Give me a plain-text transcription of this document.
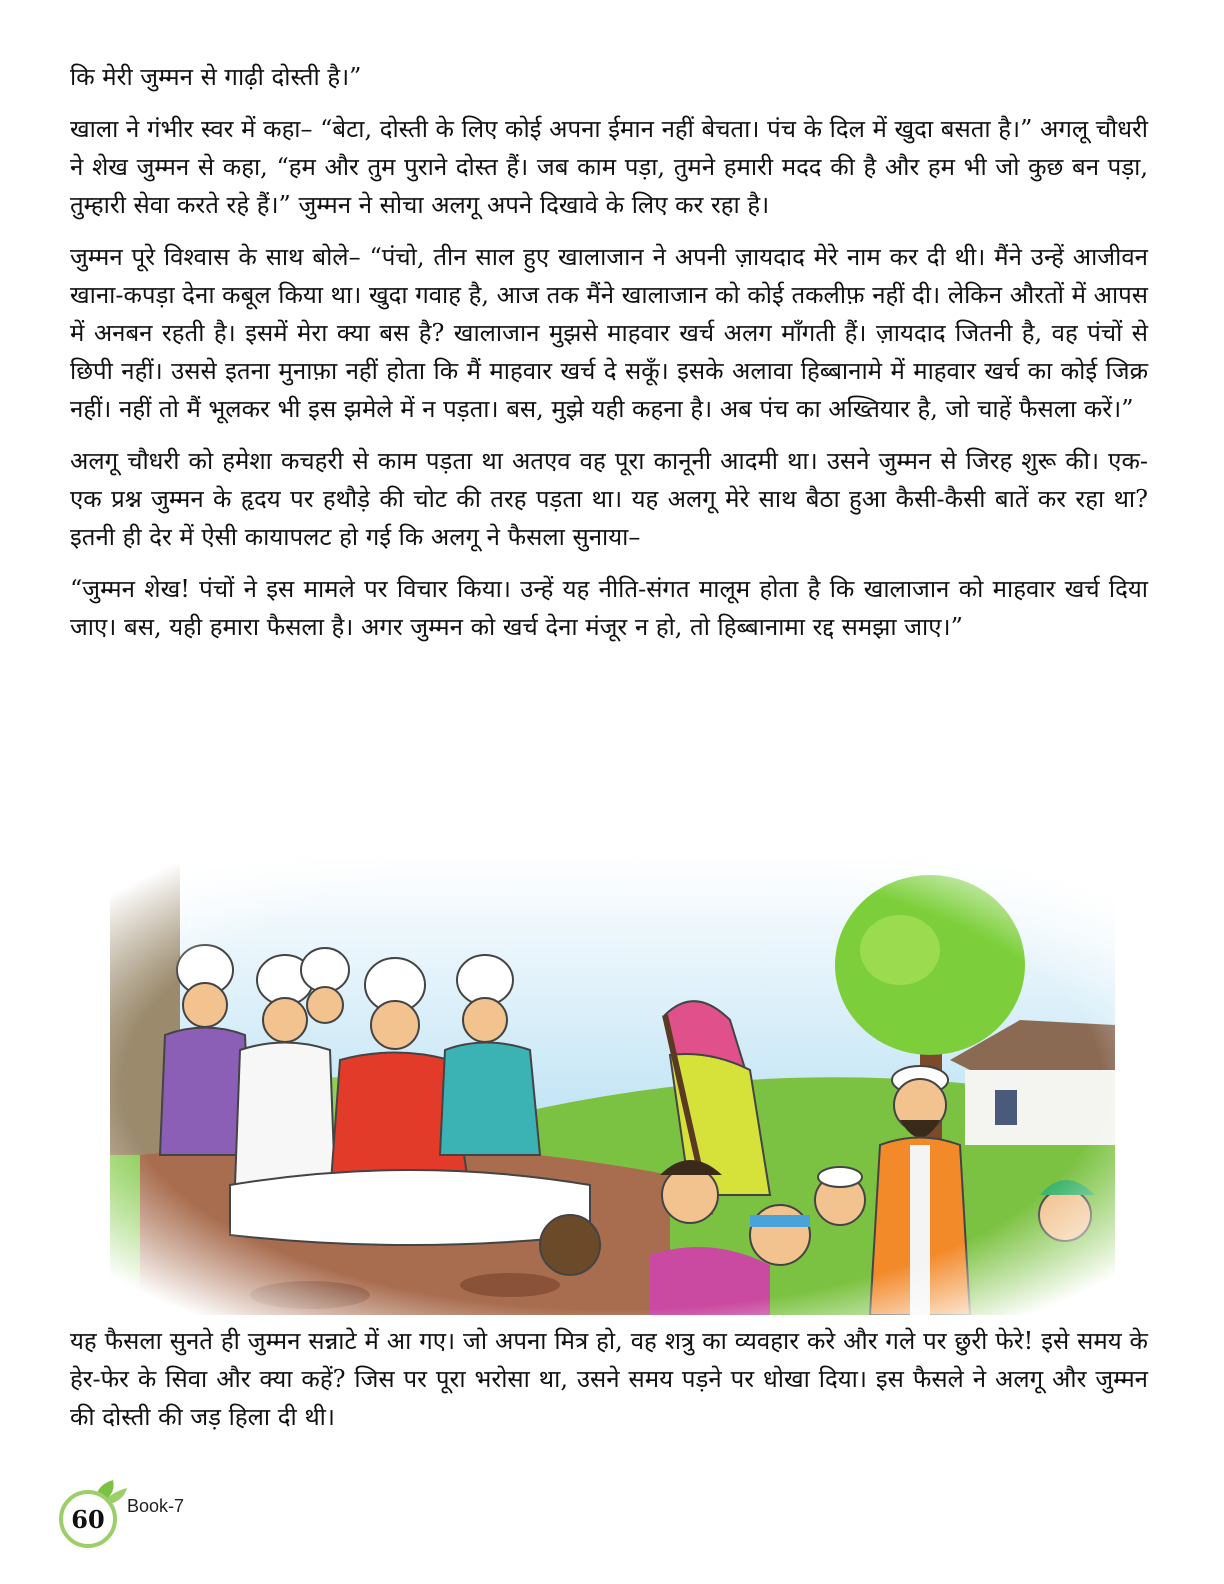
कि मेरी जुम्मन से गाढ़ी दोस्ती है।”

खाला ने गंभीर स्वर में कहा– “बेटा, दोस्ती के लिए कोई अपना ईमान नहीं बेचता। पंच के दिल में खुदा बसता है।” अगलू चौधरी ने शेख जुम्मन से कहा, “हम और तुम पुराने दोस्त हैं। जब काम पड़ा, तुमने हमारी मदद की है और हम भी जो कुछ बन पड़ा, तुम्हारी सेवा करते रहे हैं।” जुम्मन ने सोचा अलगू अपने दिखावे के लिए कर रहा है।

जुम्मन पूरे विश्वास के साथ बोले– “पंचो, तीन साल हुए खालाजान ने अपनी ज़ायदाद मेरे नाम कर दी थी। मैंने उन्हें आजीवन खाना-कपड़ा देना कबूल किया था। खुदा गवाह है, आज तक मैंने खालाजान को कोई तकलीफ़ नहीं दी। लेकिन औरतों में आपस में अनबन रहती है। इसमें मेरा क्या बस है? खालाजान मुझसे माहवार खर्च अलग माँगती हैं। ज़ायदाद जितनी है, वह पंचों से छिपी नहीं। उससे इतना मुनाफ़ा नहीं होता कि मैं माहवार खर्च दे सकूँ। इसके अलावा हिब्बानामे में माहवार खर्च का कोई जिक्र नहीं। नहीं तो मैं भूलकर भी इस झमेले में न पड़ता। बस, मुझे यही कहना है। अब पंच का अख्तियार है, जो चाहें फैसला करें।”

अलगू चौधरी को हमेशा कचहरी से काम पड़ता था अतएव वह पूरा कानूनी आदमी था। उसने जुम्मन से जिरह शुरू की। एक-एक प्रश्न जुम्मन के हृदय पर हथौड़े की चोट की तरह पड़ता था। यह अलगू मेरे साथ बैठा हुआ कैसी-कैसी बातें कर रहा था? इतनी ही देर में ऐसी कायापलट हो गई कि अलगू ने फैसला सुनाया–

“जुम्मन शेख! पंचों ने इस मामले पर विचार किया। उन्हें यह नीति-संगत मालूम होता है कि खालाजान को माहवार खर्च दिया जाए। बस, यही हमारा फैसला है। अगर जुम्मन को खर्च देना मंजूर न हो, तो हिब्बानामा रद्द समझा जाए।”

यह फैसला सुनते ही जुम्मन सन्नाटे में आ गए। जो अपना मित्र हो, वह शत्रु का व्यवहार करे और गले पर छुरी फेरे! इसे समय के हेर-फेर के सिवा और क्या कहें? जिस पर पूरा भरोसा था, उसने समय पड़ने पर धोखा दिया। इस फैसले ने अलगू और जुम्मन की दोस्ती की जड़ हिला दी थी।

60	Book-7
